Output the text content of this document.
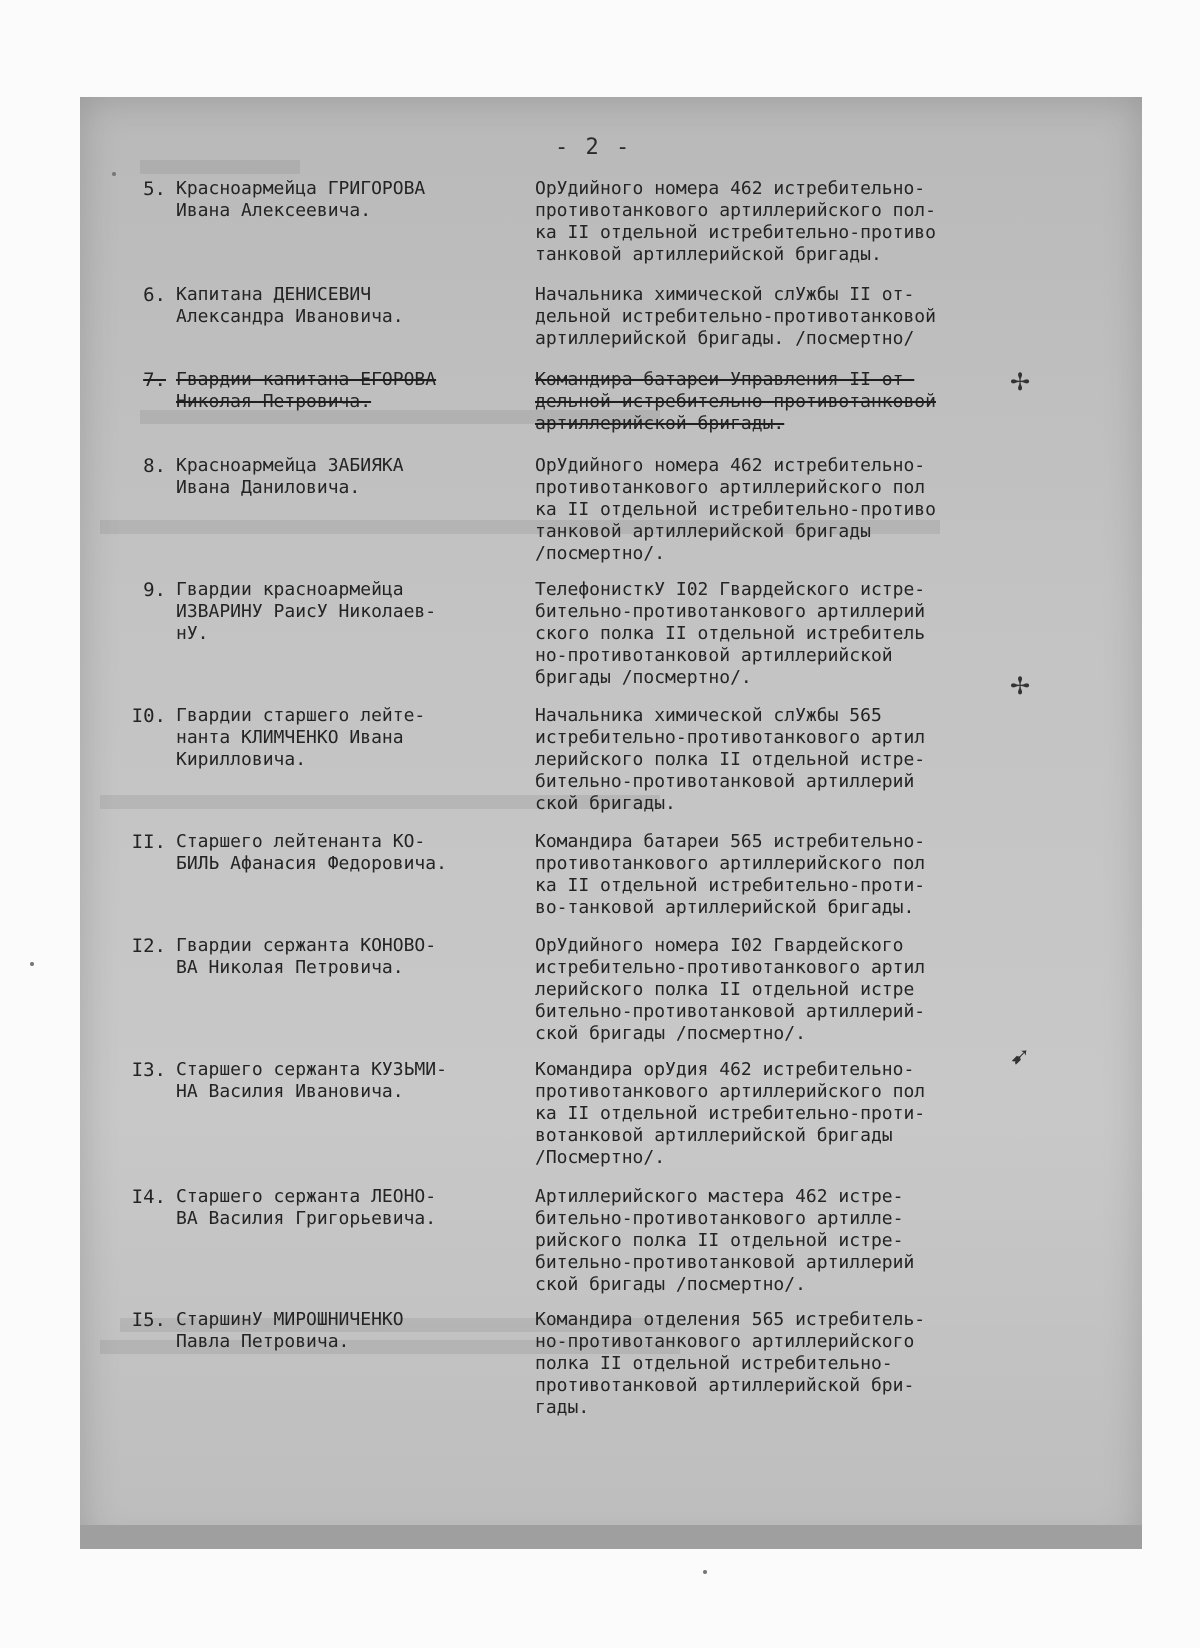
- 2 -
5. Красноармейца ГРИГОРОВА
Ивана Алексеевича.
ОрУдийного номера 462 истребительно-
противотанкового артиллерийского пол-
ка II отдельной истребительно-противо
танковой артиллерийской бригады.
6. Капитана ДЕНИСЕВИЧ
Александра Ивановича.
Начальника химической слУжбы II от-
дельной истребительно-противотанковой
артиллерийской бригады. /посмертно/
7. Гвардии капитана ЕГОРОВА
Николая Петровича.
Командира батареи Управления II от-
дельной истребительно-противотанковой
артиллерийской бригады.
8. Красноармейца ЗАБИЯКА
Ивана Даниловича.
ОрУдийного номера 462 истребительно-
противотанкового артиллерийского пол
ка II отдельной истребительно-противо
танковой артиллерийской бригады
/посмертно/.
9. Гвардии красноармейца
ИЗВАРИНУ РаисУ Николаев-
нУ.
ТелефонисткУ I02 Гвардейского истре-
бительно-противотанкового артиллерий
ского полка II отдельной истребитель
но-противотанковой артиллерийской
бригады /посмертно/.
I0. Гвардии старшего лейте-
нанта КЛИМЧЕНКО Ивана
Кирилловича.
Начальника химической слУжбы 565
истребительно-противотанкового артил
лерийского полка II отдельной истре-
бительно-противотанковой артиллерий
ской бригады.
II. Старшего лейтенанта КО-
БИЛЬ Афанасия Федоровича.
Командира батареи 565 истребительно-
противотанкового артиллерийского пол
ка II отдельной истребительно-проти-
во-танковой артиллерийской бригады.
I2. Гвардии сержанта КОНОВО-
ВА Николая Петровича.
ОрУдийного номера I02 Гвардейского
истребительно-противотанкового артил
лерийского полка II отдельной истре
бительно-противотанковой артиллерий-
ской бригады /посмертно/.
I3. Старшего сержанта КУЗЬМИ-
НА Василия Ивановича.
Командира орУдия 462 истребительно-
противотанкового артиллерийского пол
ка II отдельной истребительно-проти-
вотанковой артиллерийской бригады
/Посмертно/.
I4. Старшего сержанта ЛЕОНО-
ВА Василия Григорьевича.
Артиллерийского мастера 462 истре-
бительно-противотанкового артилле-
рийского полка II отдельной истре-
бительно-противотанковой артиллерий
ской бригады /посмертно/.
I5. СтаршинУ МИРОШНИЧЕНКО
Павла Петровича.
Командира отделения 565 истребитель-
но-противотанкового артиллерийского
полка II отдельной истребительно-
противотанковой артиллерийской бри-
гады.
✢
✢
➹
